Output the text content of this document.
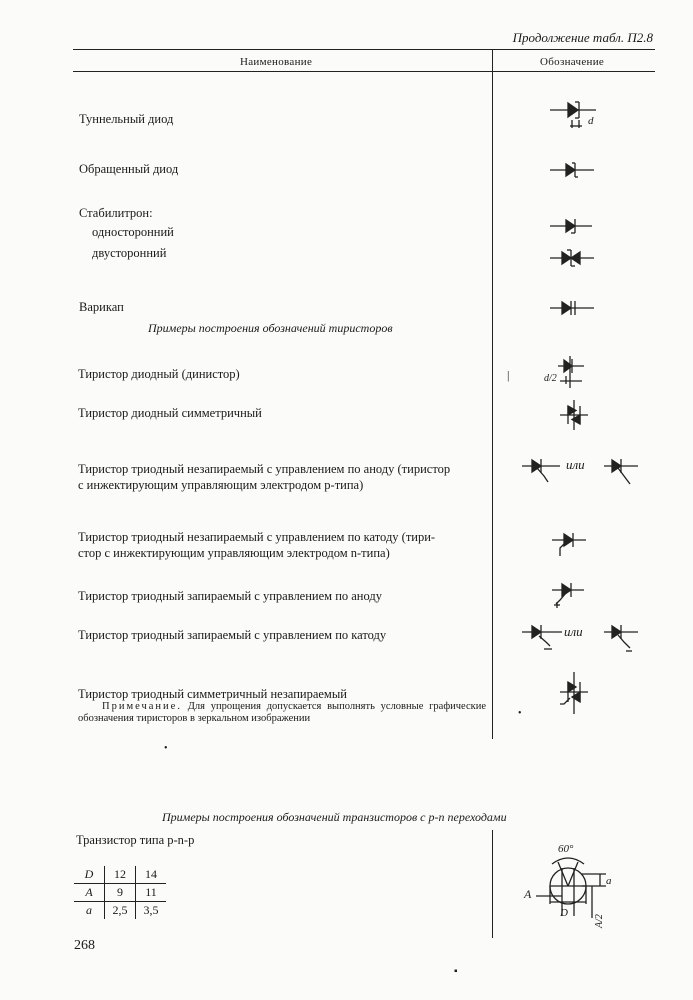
Продолжение табл. П2.8
Наименование	Обозначение
Туннельный диод
Обращенный диод
Стабилитрон:
односторонний
двусторонний
Варикап
Примеры построения обозначений тиристоров
Тиристор диодный (динистор)
Тиристор диодный симметричный
Тиристор триодный незапираемый с управлением по аноду (тиристор
с инжектирующим управляющим электродом p-типа)
Тиристор триодный незапираемый с управлением по катоду (тири-
стор с инжектирующим управляющим электродом n-типа)
Тиристор триодный запираемый с управлением по аноду
Тиристор триодный запираемый с управлением по катоду
Тиристор триодный симметричный незапираемый
Примечание. Для упрощения допускается выполнять условные графические обозначения тиристоров в зеркальном изображении
d
d/2
|
или
или
•
•
Примеры построения обозначений транзисторов с p-n переходами
Транзистор типа p-n-p
D	12	14
A	9	11
a	2,5	3,5
60°
A
D
a
A/2
268
▪
